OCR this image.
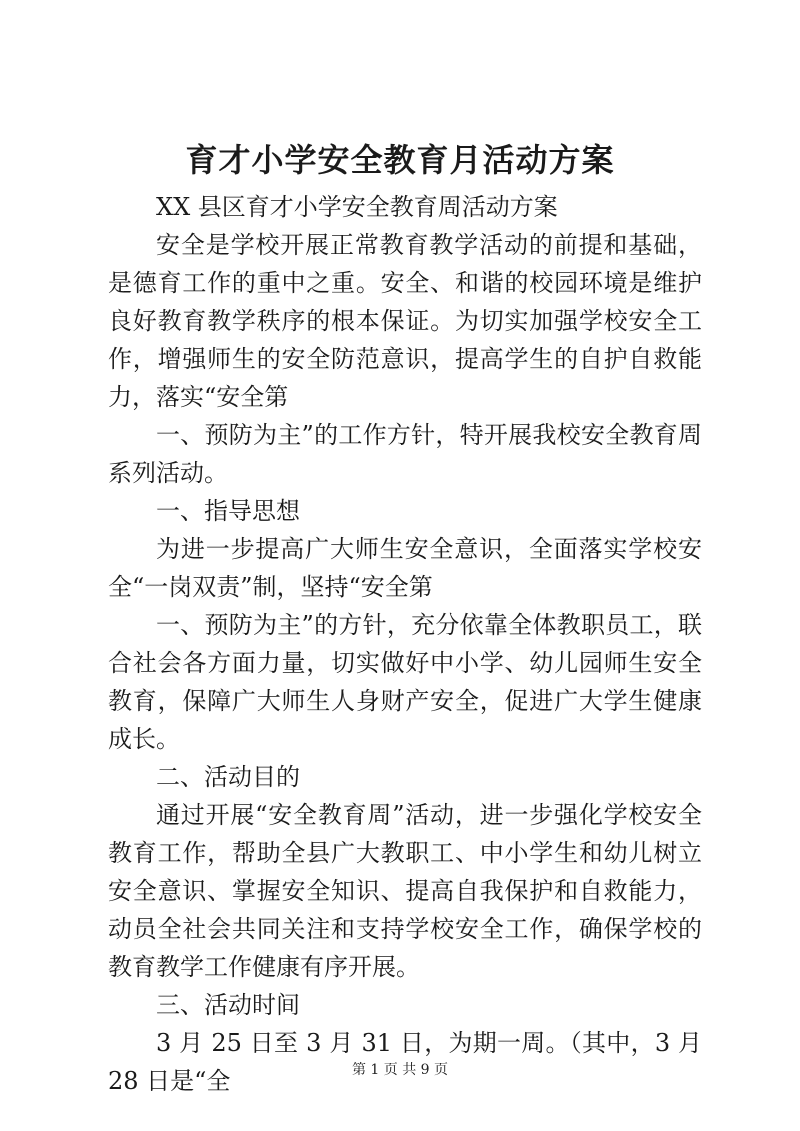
育才小学安全教育月活动方案

XX 县区育才小学安全教育周活动方案

安全是学校开展正常教育教学活动的前提和基础，是德育工作的重中之重。安全、和谐的校园环境是维护良好教育教学秩序的根本保证。为切实加强学校安全工作，增强师生的安全防范意识，提高学生的自护自救能力，落实“安全第

一、预防为主”的工作方针，特开展我校安全教育周系列活动。

一、指导思想

为进一步提高广大师生安全意识，全面落实学校安全“一岗双责”制，坚持“安全第

一、预防为主”的方针，充分依靠全体教职员工，联合社会各方面力量，切实做好中小学、幼儿园师生安全教育，保障广大师生人身财产安全，促进广大学生健康成长。

二、活动目的

通过开展“安全教育周”活动，进一步强化学校安全教育工作，帮助全县广大教职工、中小学生和幼儿树立安全意识、掌握安全知识、提高自我保护和自救能力，动员全社会共同关注和支持学校安全工作，确保学校的教育教学工作健康有序开展。

三、活动时间

3 月 25 日至 3 月 31 日，为期一周。（其中，3 月 28 日是“全	第 1 页 共 9 页
